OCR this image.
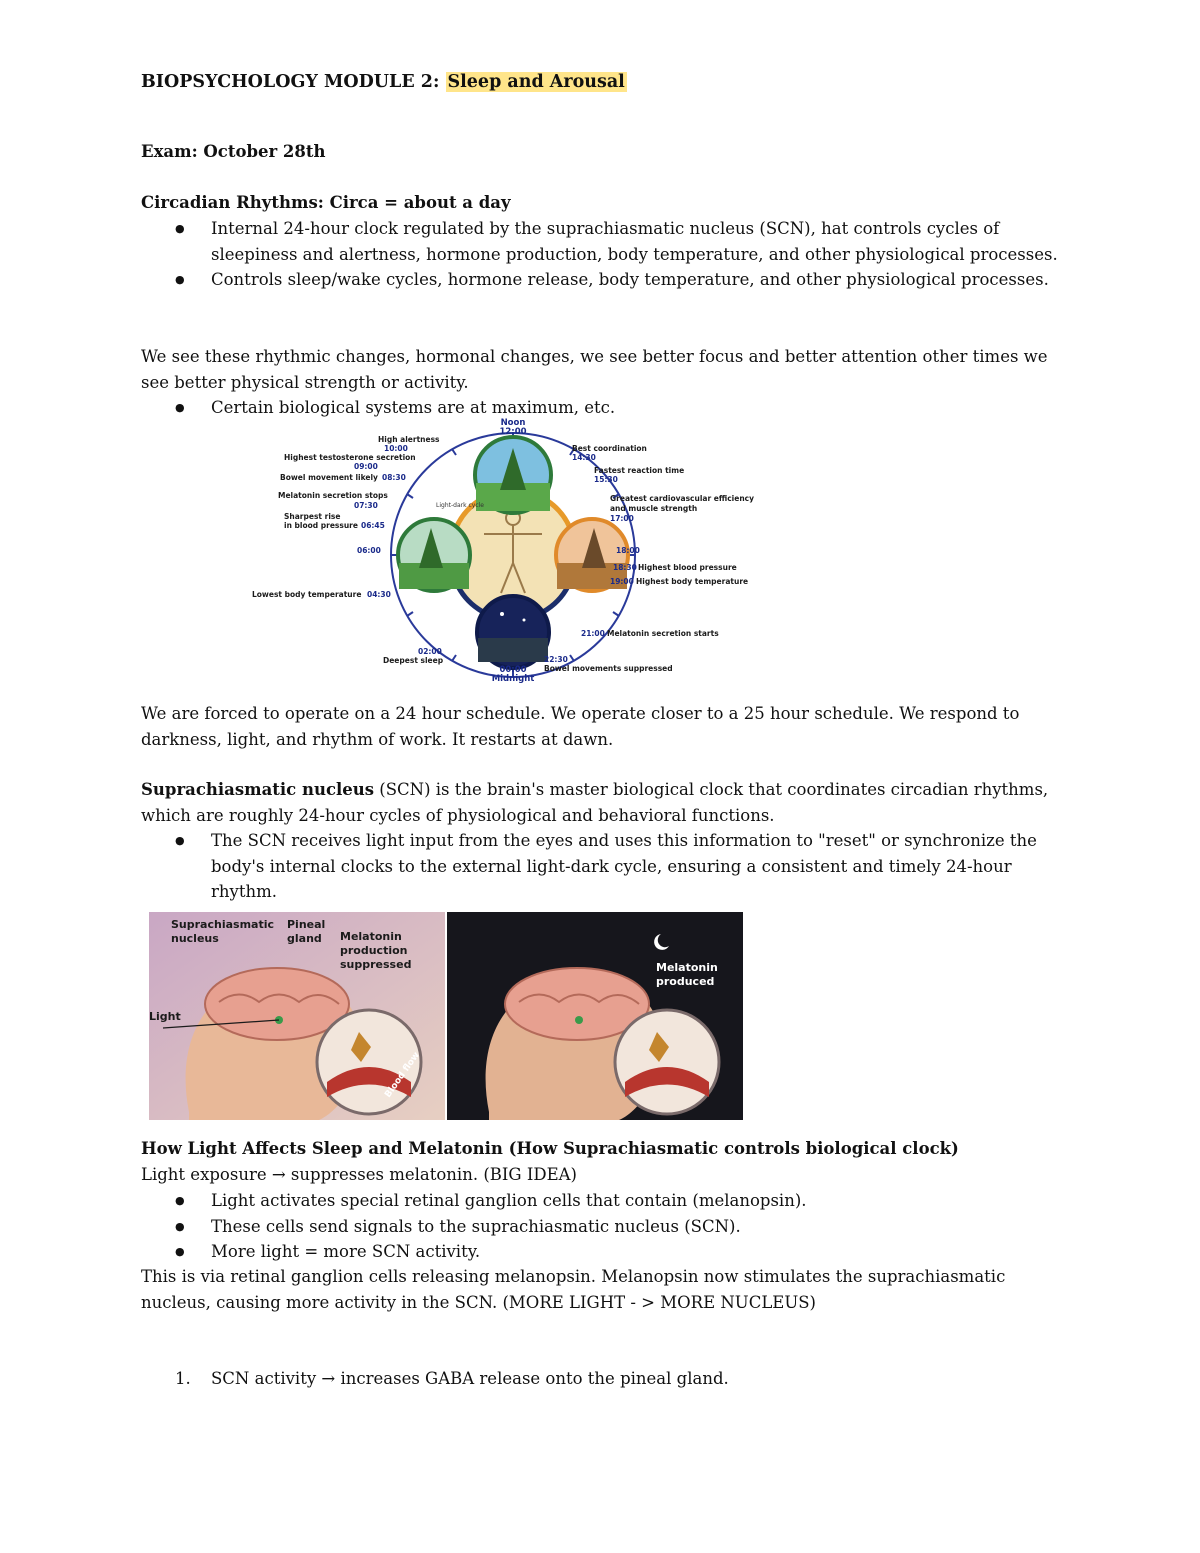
BIOPSYCHOLOGY MODULE 2: Sleep and Arousal

Exam: October 28th

Circadian Rhythms: Circa = about a day

● Internal 24-hour clock regulated by the suprachiasmatic nucleus (SCN), hat controls cycles of sleepiness and alertness, hormone production, body temperature, and other physiological processes.
● Controls sleep/wake cycles, hormone release, body temperature, and other physiological processes.

We see these rhythmic changes, hormonal changes, we see better focus and better attention other times we see better physical strength or activity.

● Certain biological systems are at maximum, etc.
Light-dark cycle
Noon
12:00
00:00
Midnight
High alertness
10:00
Highest testosterone secretion
09:00
Bowel movement likely 08:30
Melatonin secretion stops
07:30
Sharpest rise
in blood pressure 06:45
06:00
Lowest body temperature 04:30
02:00
Deepest sleep
Best coordination
14:30
Fastest reaction time
15:30
Greatest cardiovascular efficiency
and muscle strength
17:00
18:00
18:30 Highest blood pressure
19:00 Highest body temperature
21:00 Melatonin secretion starts
22:30
Bowel movements suppressed

We are forced to operate on a 24 hour schedule. We operate closer to a 25 hour schedule. We respond to darkness, light, and rhythm of work. It restarts at dawn.

Suprachiasmatic nucleus (SCN) is the brain's master biological clock that coordinates circadian rhythms, which are roughly 24-hour cycles of physiological and behavioral functions.

● The SCN receives light input from the eyes and uses this information to "reset" or synchronize the body's internal clocks to the external light-dark cycle, ensuring a consistent and timely 24-hour rhythm.
Suprachiasmatic
nucleus
Pineal
gland Melatonin
production
suppressed
Light
Blood flow
Melatonin
produced

How Light Affects Sleep and Melatonin (How Suprachiasmatic controls biological clock)

Light exposure → suppresses melatonin. (BIG IDEA)

● Light activates special retinal ganglion cells that contain (melanopsin).
● These cells send signals to the suprachiasmatic nucleus (SCN).
● More light = more SCN activity.

This is via retinal ganglion cells releasing melanopsin. Melanopsin now stimulates the suprachiasmatic nucleus, causing more activity in the SCN. (MORE LIGHT - > MORE NUCLEUS)

1. SCN activity → increases GABA release onto the pineal gland.
